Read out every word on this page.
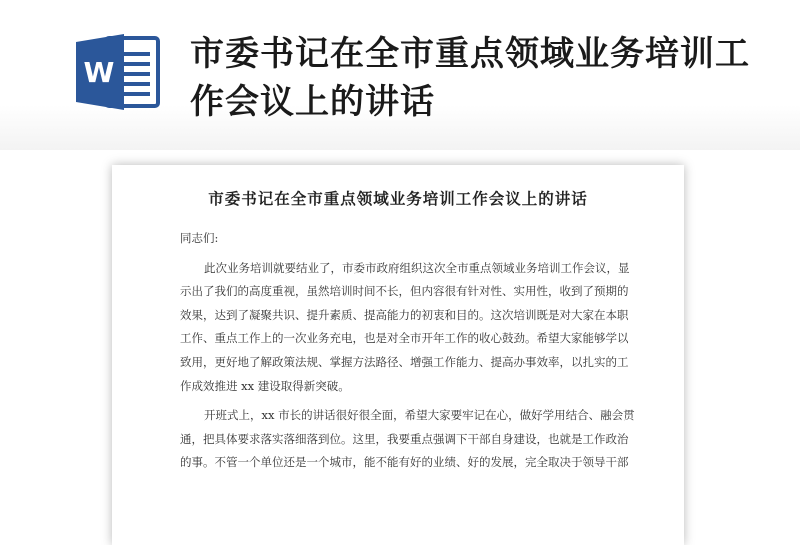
W 市委书记在全市重点领域业务培训工作会议上的讲话
市委书记在全市重点领域业务培训工作会议上的讲话

同志们:

此次业务培训就要结业了，市委市政府组织这次全市重点领域业务培训工作会议，显
示出了我们的高度重视，虽然培训时间不长，但内容很有针对性、实用性，收到了预期的
效果，达到了凝聚共识、提升素质、提高能力的初衷和目的。这次培训既是对大家在本职
工作、重点工作上的一次业务充电，也是对全市开年工作的收心鼓劲。希望大家能够学以
致用，更好地了解政策法规、掌握方法路径、增强工作能力、提高办事效率，以扎实的工
作成效推进 xx 建设取得新突破。

开班式上，xx 市长的讲话很好很全面，希望大家要牢记在心，做好学用结合、融会贯
通，把具体要求落实落细落到位。这里，我要重点强调下干部自身建设，也就是工作政治
的事。不管一个单位还是一个城市，能不能有好的业绩、好的发展，完全取决于领导干部
